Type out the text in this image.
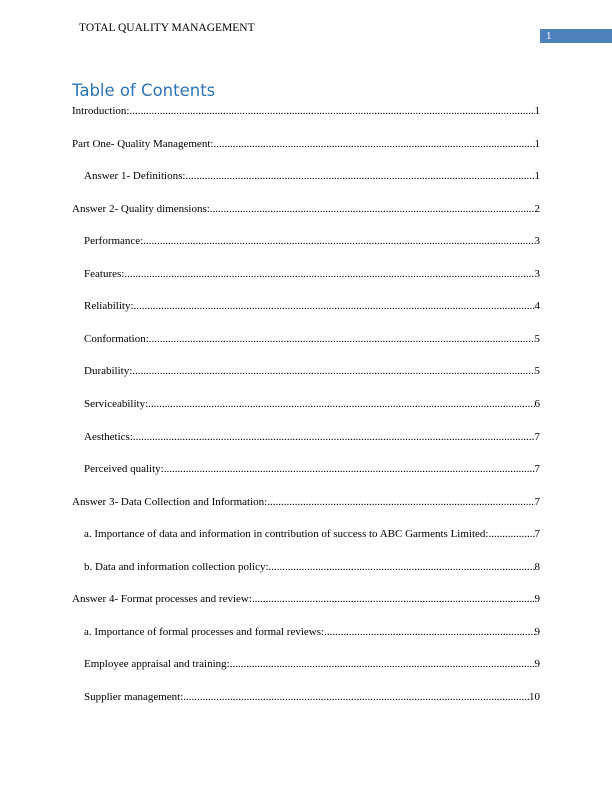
TOTAL QUALITY MANAGEMENT
1
Table of Contents
Introduction: .....	1
Part One- Quality Management: .....	1
Answer 1- Definitions: .....	1
Answer 2- Quality dimensions: .....	2
Performance: .....	3
Features: .....	3
Reliability: .....	4
Conformation: .....	5
Durability: .....	5
Serviceability: .....	6
Aesthetics: .....	7
Perceived quality: .....	7
Answer 3- Data Collection and Information: .....	7
a. Importance of data and information in contribution of success to ABC Garments Limited: .....	7
b. Data and information collection policy: .....	8
Answer 4- Format processes and review: .....	9
a. Importance of formal processes and formal reviews: .....	9
Employee appraisal and training: .....	9
Supplier management: .....	10
